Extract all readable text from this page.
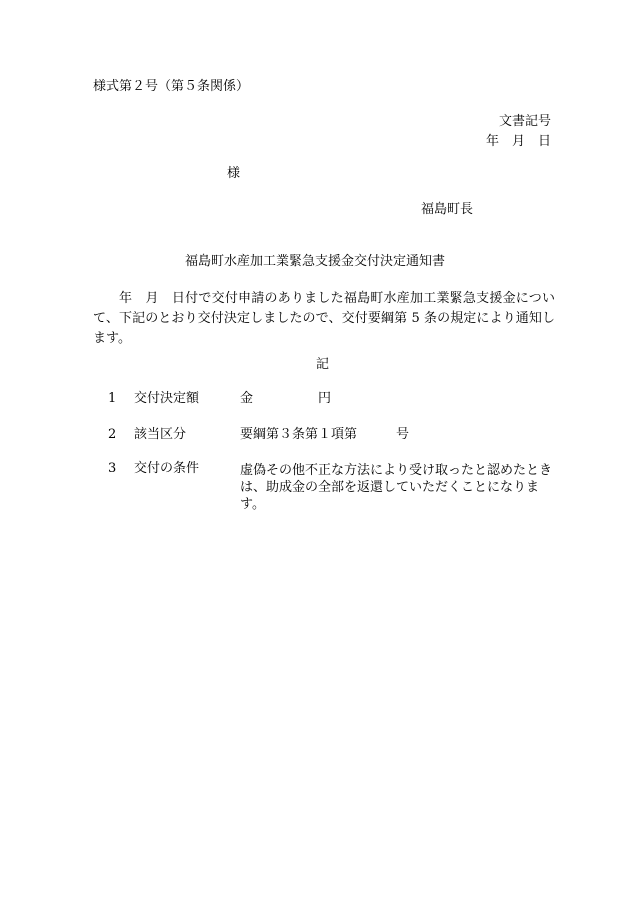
様式第２号（第５条関係）
文書記号
年　月　日
様
福島町長
福島町水産加工業緊急支援金交付決定通知書
年　月　日付で交付申請のありました福島町水産加工業緊急支援金について、下記のとおり交付決定しましたので、交付要綱第 5 条の規定により通知します。
記
1 交付決定額	金　　　　　円
2 該当区分	要綱第３条第１項第　　　号
3 交付の条件	虚偽その他不正な方法により受け取ったと認めたときは、助成金の全部を返還していただくことになります。
